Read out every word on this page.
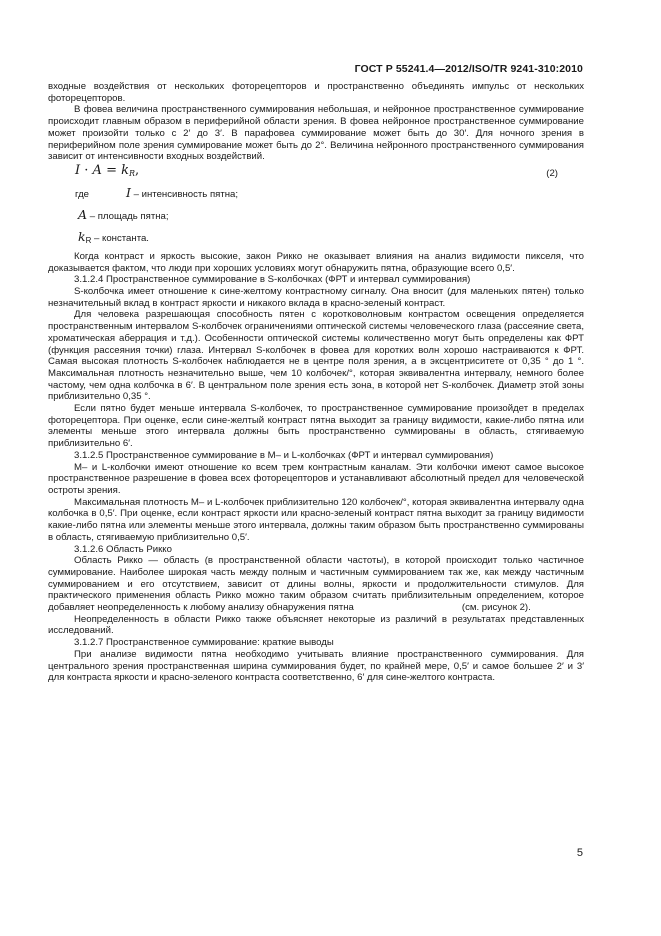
ГОСТ Р 55241.4—2012/ISO/TR 9241-310:2010

входные воздействия от нескольких фоторецепторов и пространственно объединять импульс от нескольких фоторецепторов.

В фовеа величина пространственного суммирования небольшая, и нейронное пространственное суммирование происходит главным образом в периферийной области зрения. В фовеа нейронное пространственное суммирование может произойти только с 2′ до 3′. В парафовеа суммирование может быть до 30′. Для ночного зрения в периферийном поле зрения суммирование может быть до 2°. Величина нейронного пространственного суммирования зависит от интенсивности входных воздействий.

$I \cdot A = k_R$,	(2)
где	I – интенсивность пятна;
A – площадь пятна;
$k_R$ – константа.

Когда контраст и яркость высокие, закон Рикко не оказывает влияния на анализ видимости пикселя, что доказывается фактом, что люди при хороших условиях могут обнаружить пятна, образующие всего 0,5′.

3.1.2.4 Пространственное суммирование в S-колбочках (ФРТ и интервал суммирования)

S-колбочка имеет отношение к сине-желтому контрастному сигналу. Она вносит (для маленьких пятен) только незначительный вклад в контраст яркости и никакого вклада в красно-зеленый контраст.

Для человека разрешающая способность пятен с коротковолновым контрастом освещения определяется пространственным интервалом S-колбочек ограничениями оптической системы человеческого глаза (рассеяние света, хроматическая аберрация и т.д.). Особенности оптической системы количественно могут быть определены как ФРТ (функция рассеяния точки) глаза. Интервал S-колбочек в фовеа для коротких волн хорошо настраиваются к ФРТ. Самая высокая плотность S-колбочек наблюдается не в центре поля зрения, а в эксцентриситете от 0,35 ° до 1 °. Максимальная плотность незначительно выше, чем 10 колбочек/°, которая эквивалентна интервалу, немного более частому, чем одна колбочка в 6′. В центральном поле зрения есть зона, в которой нет S-колбочек. Диаметр этой зоны приблизительно 0,35 °.

Если пятно будет меньше интервала S-колбочек, то пространственное суммирование произойдет в пределах фоторецептора. При оценке, если сине-желтый контраст пятна выходит за границу видимости, какие-либо пятна или элементы меньше этого интервала должны быть пространственно суммированы в область, стягиваемую приблизительно 6′.

3.1.2.5 Пространственное суммирование в M– и L-колбочках (ФРТ и интервал суммирования)

M– и L-колбочки имеют отношение ко всем трем контрастным каналам. Эти колбочки имеют самое высокое пространственное разрешение в фовеа всех фоторецепторов и устанавливают абсолютный предел для человеческой остроты зрения.

Максимальная плотность M– и L-колбочек приблизительно 120 колбочек/°, которая эквивалентна интервалу одна колбочка в 0,5′. При оценке, если контраст яркости или красно-зеленый контраст пятна выходит за границу видимости какие-либо пятна или элементы меньше этого интервала, должны таким образом быть пространственно суммированы в область, стягиваемую приблизительно 0,5′.

3.1.2.6 Область Рикко

Область Рикко — область (в пространственной области частоты), в которой происходит только частичное суммирование. Наиболее широкая часть между полным и частичным суммированием так же, как между частичным суммированием и его отсутствием, зависит от длины волны, яркости и продолжительности стимулов. Для практического применения область Рикко можно таким образом считать приблизительным определением, которое добавляет неопределенность к любому анализу обнаружения пятна	(см. рисунок 2).

Неопределенность в области Рикко также объясняет некоторые из различий в результатах представленных исследований.

3.1.2.7 Пространственное суммирование: краткие выводы

При анализе видимости пятна необходимо учитывать влияние пространственного суммирования. Для центрального зрения пространственная ширина суммирования будет, по крайней мере, 0,5′ и самое большее 2′ и 3′ для контраста яркости и красно-зеленого контраста соответственно, 6′ для сине-желтого контраста.

5
